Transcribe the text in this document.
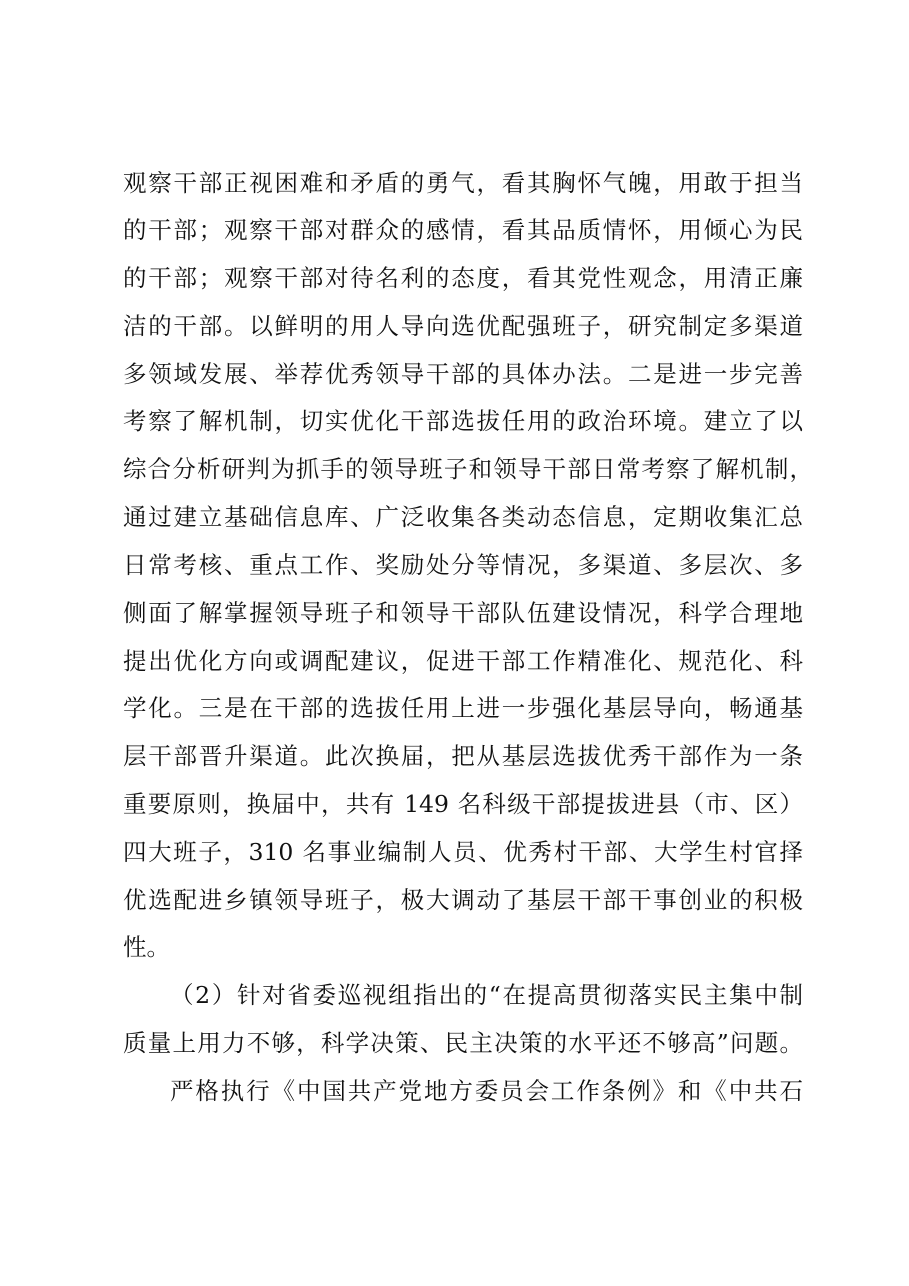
观察干部正视困难和矛盾的勇气，看其胸怀气魄，用敢于担当
的干部；观察干部对群众的感情，看其品质情怀，用倾心为民
的干部；观察干部对待名利的态度，看其党性观念，用清正廉
洁的干部。以鲜明的用人导向选优配强班子，研究制定多渠道
多领域发展、举荐优秀领导干部的具体办法。二是进一步完善
考察了解机制，切实优化干部选拔任用的政治环境。建立了以
综合分析研判为抓手的领导班子和领导干部日常考察了解机制，
通过建立基础信息库、广泛收集各类动态信息，定期收集汇总
日常考核、重点工作、奖励处分等情况，多渠道、多层次、多
侧面了解掌握领导班子和领导干部队伍建设情况，科学合理地
提出优化方向或调配建议，促进干部工作精准化、规范化、科
学化。三是在干部的选拔任用上进一步强化基层导向，畅通基
层干部晋升渠道。此次换届，把从基层选拔优秀干部作为一条
重要原则，换届中，共有 149 名科级干部提拔进县（市、区）
四大班子，310 名事业编制人员、优秀村干部、大学生村官择
优选配进乡镇领导班子，极大调动了基层干部干事创业的积极
性。
（2）针对省委巡视组指出的“在提高贯彻落实民主集中制
质量上用力不够，科学决策、民主决策的水平还不够高”问题。
严格执行《中国共产党地方委员会工作条例》和《中共石
